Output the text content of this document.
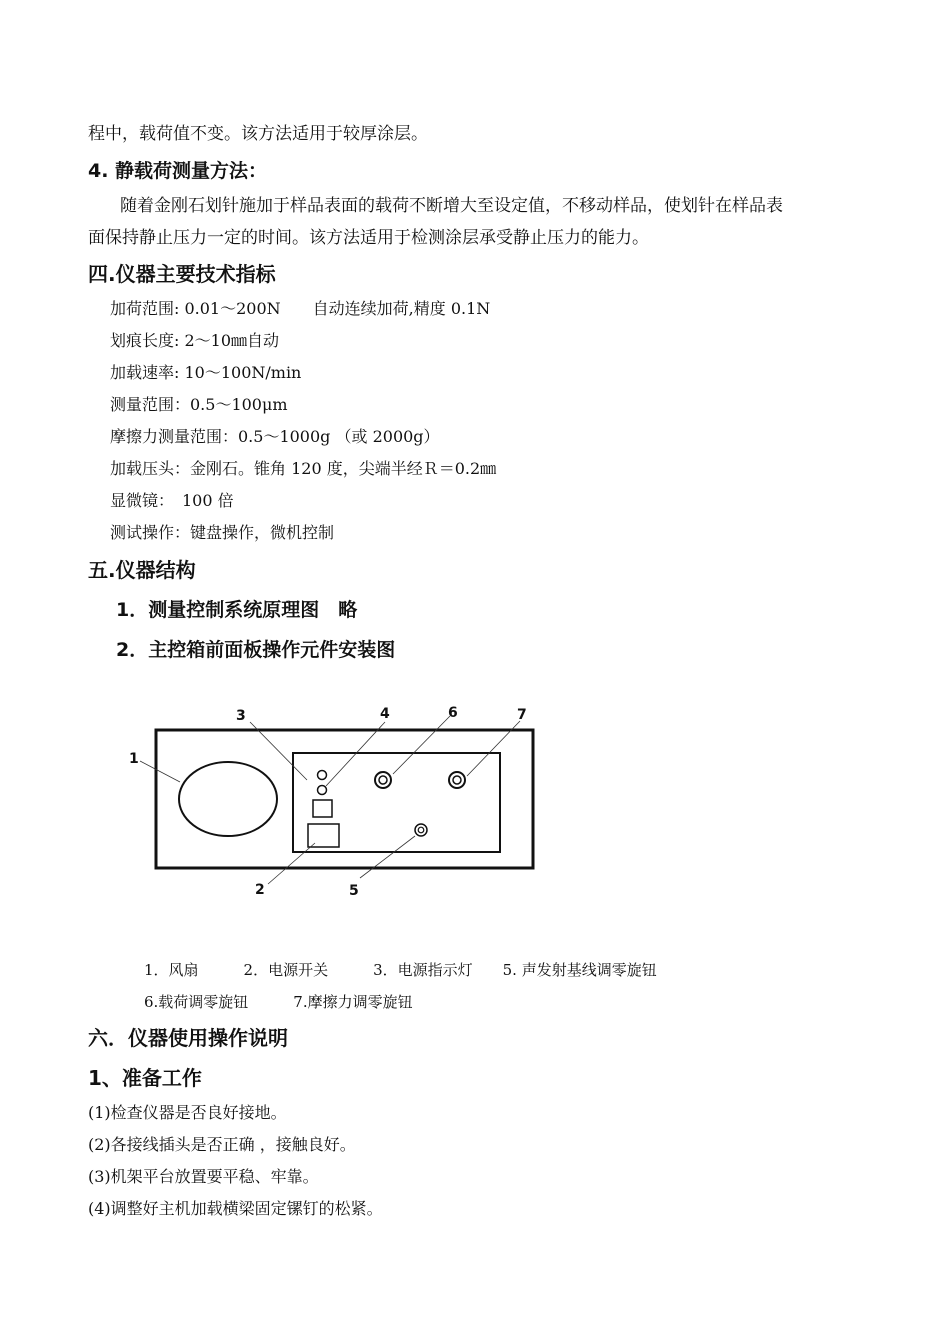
程中，载荷值不变。该方法适用于较厚涂层。
4. 静载荷测量方法：
随着金刚石划针施加于样品表面的载荷不断增大至设定值，不移动样品，使划针在样品表
面保持静止压力一定的时间。该方法适用于检测涂层承受静止压力的能力。
四.仪器主要技术指标
加荷范围: 0.01～200N　　自动连续加荷,精度 0.1N
划痕长度: 2～10㎜自动
加载速率: 10～100N/min
测量范围：0.5～100μm
摩擦力测量范围：0.5～1000g （或 2000g）
加载压头：金刚石。锥角 120 度，尖端半经Ｒ＝0.2㎜
显微镜：　100 倍
测试操作：键盘操作，微机控制
五.仪器结构
1．测量控制系统原理图　略
2．主控箱前面板操作元件安装图
1
2
3	4
5
6	7
1．风扇　　　2．电源开关　　　3．电源指示灯　　5. 声发射基线调零旋钮
6.载荷调零旋钮　　　7.摩擦力调零旋钮
六．仪器使用操作说明
1、准备工作
(1)检查仪器是否良好接地。
(2)各接线插头是否正确 ，接触良好。
(3)机架平台放置要平稳、牢靠。
(4)调整好主机加载横梁固定镙钉的松紧。
